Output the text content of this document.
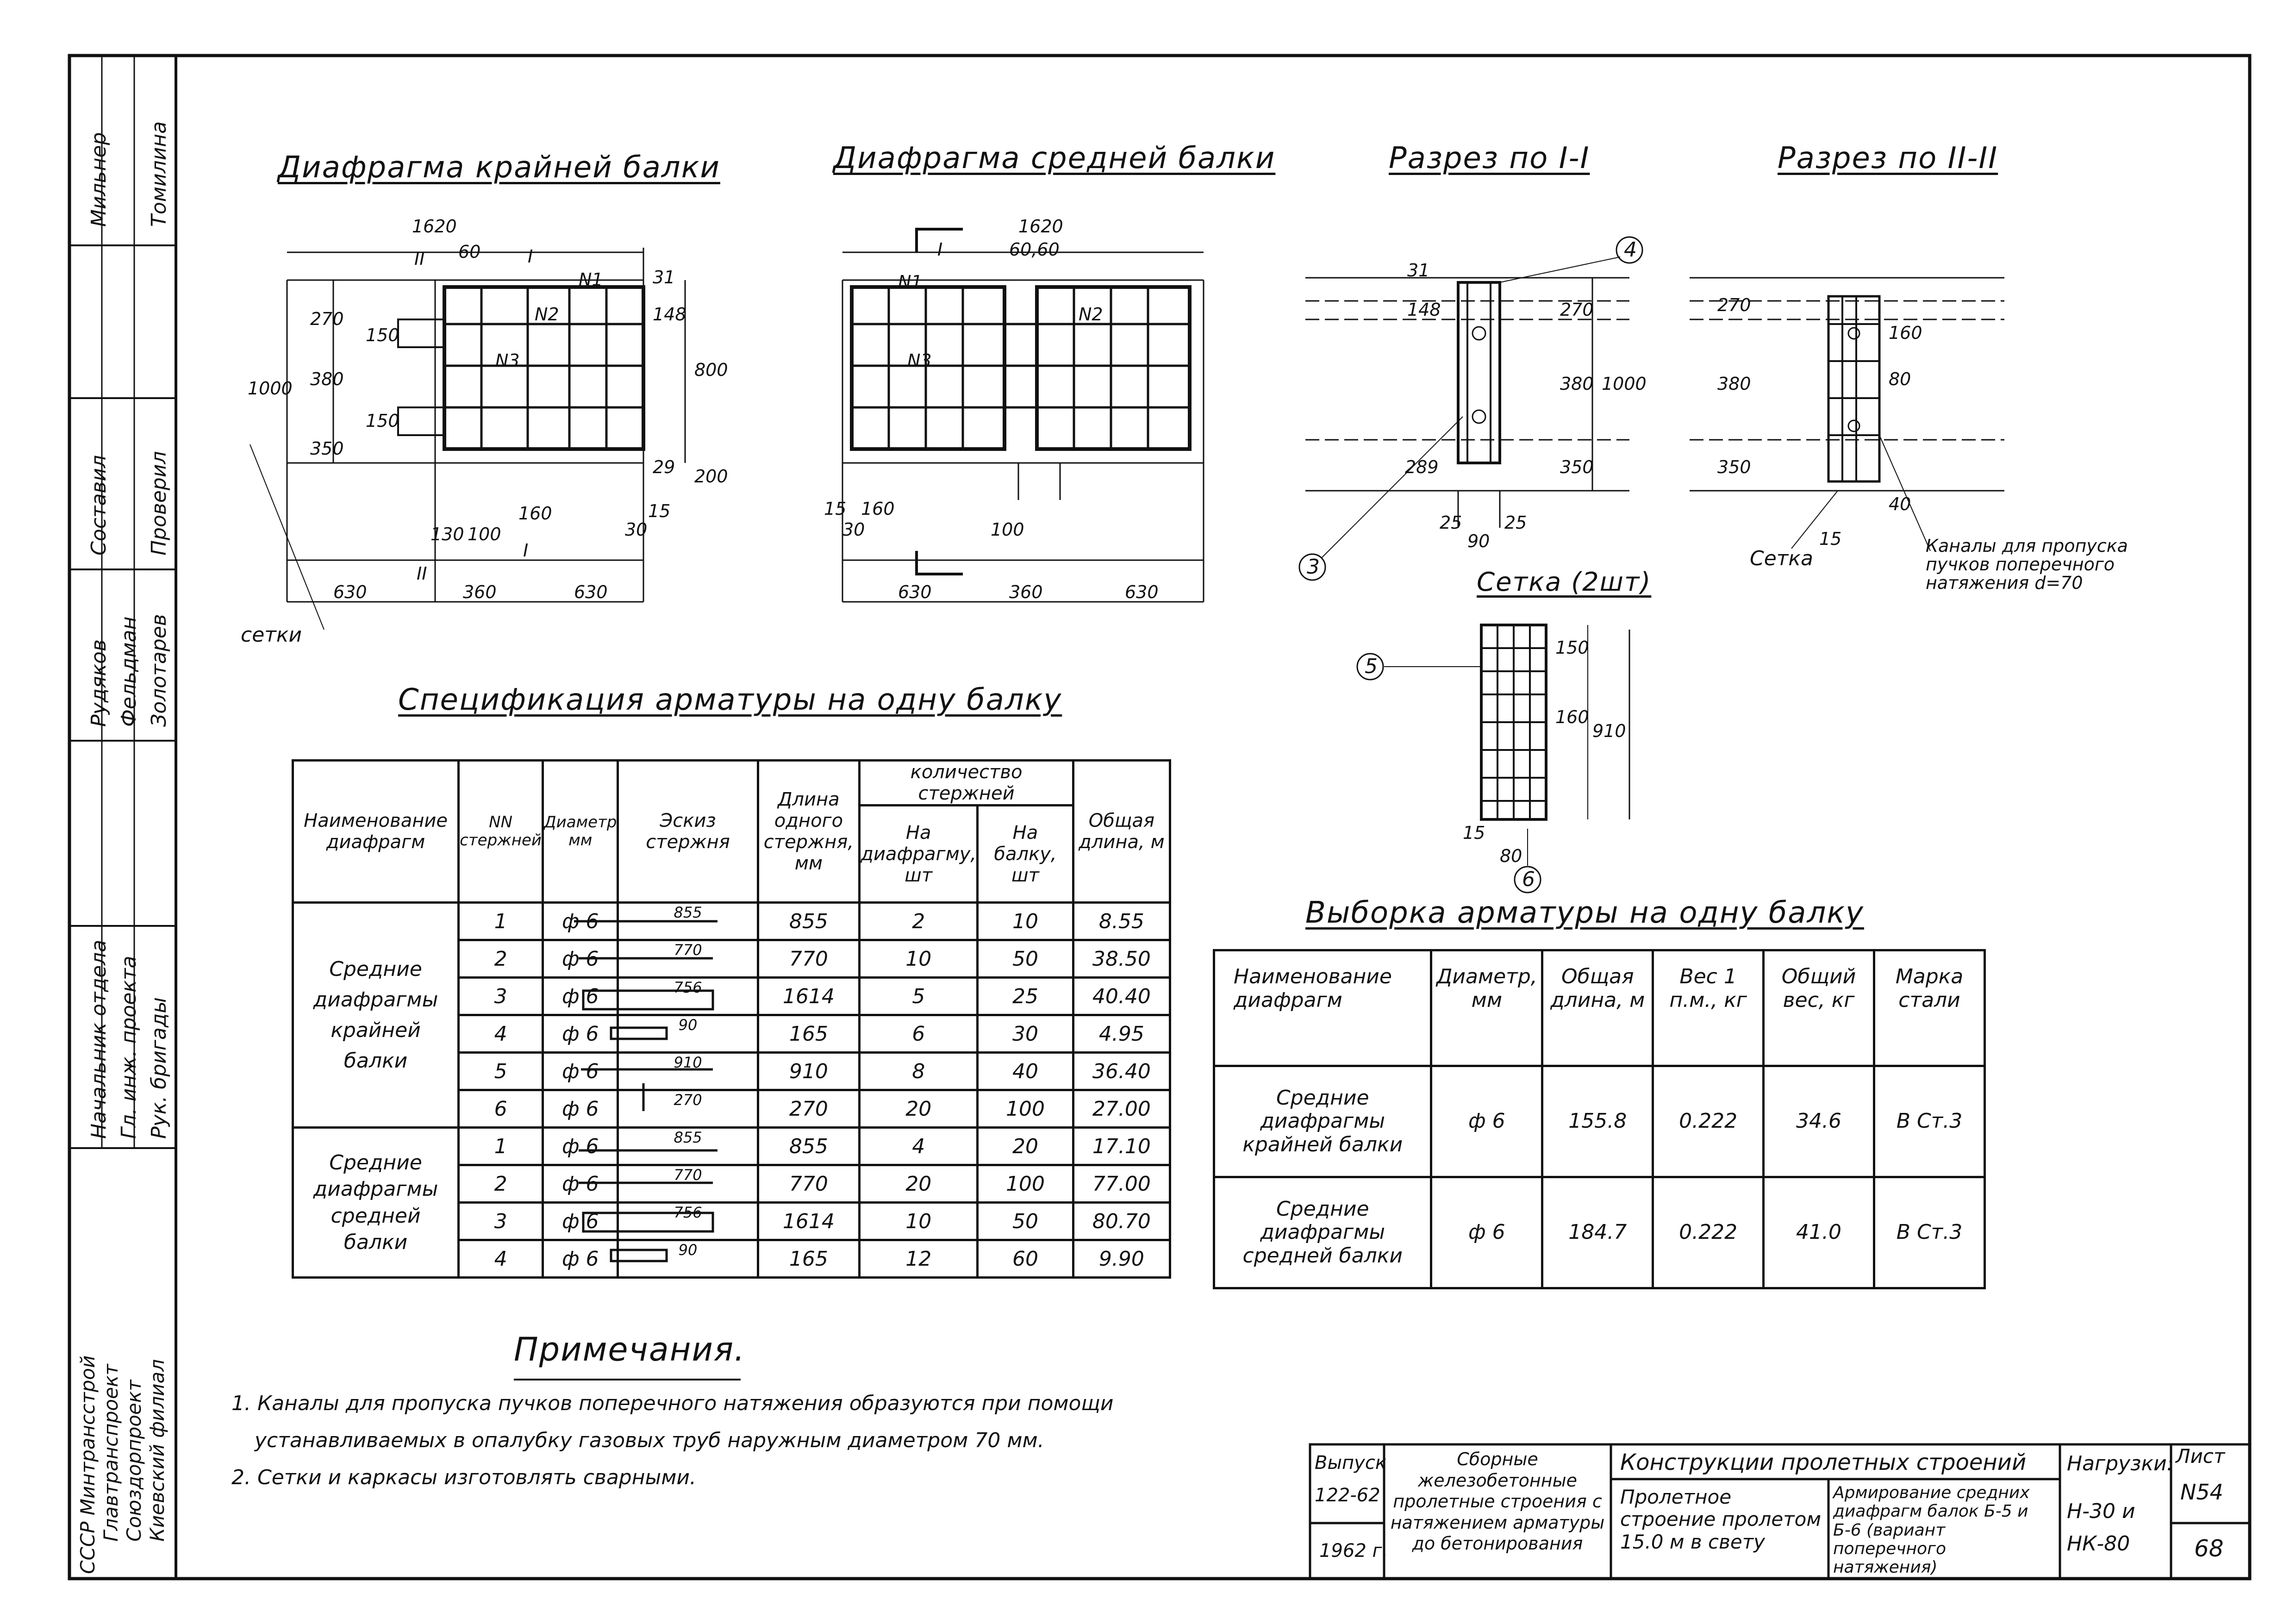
Мильнер Томилина
Составил Проверил
Рудяков Фельдман Золотарев
Начальник отдела Гл. инж. проекта Рук. бригады
СССР Минтрансстрой Главтранспроект Союздорпроект Киевский филиал
Диафрагма крайней балки	Диафрагма средней балки	Разрез по I-I	Разрез по II-II
Сетка (2шт)
Спецификация арматуры на одну балку
Выборка арматуры на одну балку
Примечания.
1620
60
II	I
N1
N2
N3
1000
270
380
350
150
150
31
148
800
29 200
130 100
160	15
30
I
II
630	360	630
сетки
1620
60,60
I
N1
N2
N3
15
30
160
100
630	360	630
31
148
289
270
380
350
1000
25 25
90
4
3
270
380
350
160
80
40
15
Сетка
Каналы для пропуска
пучков поперечного
натяжения d=70
150
160
910
80
15
5
6
Наименование диафрагм	NN стержней	Диаметр мм	Эскиз стержня	Длина одного стержня, мм	количество стержней		Общая длина, м
					На диафрагму, шт	На балку, шт	
Средние диафрагмы крайней балки	1	ф 6	855	855	2	10	8.55
	2	ф 6	770	770	10	50	38.50
	3	ф 6	756	1614	5	25	40.40
	4	ф 6	90	165	6	30	4.95
	5	ф 6	910	910	8	40	36.40
	6	ф 6	270	270	20	100	27.00
Средние диафрагмы средней балки	1	ф 6	855	855	4	20	17.10
	2	ф 6	770	770	20	100	77.00
	3	ф 6	756	1614	10	50	80.70
	4	ф 6	90	165	12	60	9.90
Наименование диафрагм	Диаметр, мм	Общая длина, м	Вес 1 п.м., кг	Общий вес, кг	Марка стали
Средние диафрагмы крайней балки	ф 6	155.8	0.222	34.6	В Ст.3
Средние диафрагмы средней балки	ф 6	184.7	0.222	41.0	В Ст.3
1. Каналы для пропуска пучков поперечного натяжения образуются при помощи
устанавливаемых в опалубку газовых труб наружным диаметром 70 мм.
2. Сетки и каркасы изготовлять сварными.
Выпуск
122-62
1962 г.
Сборные железобетонные пролетные строения с натяжением арматуры до бетонирования
Конструкции пролетных строений
Пролетное строение пролетом 15.0 м в свету
Армирование средних диафрагм балок Б-5 и Б-6 (вариант поперечного натяжения)
Нагрузки:
Н-30 и НК-80
Лист
N54
68
